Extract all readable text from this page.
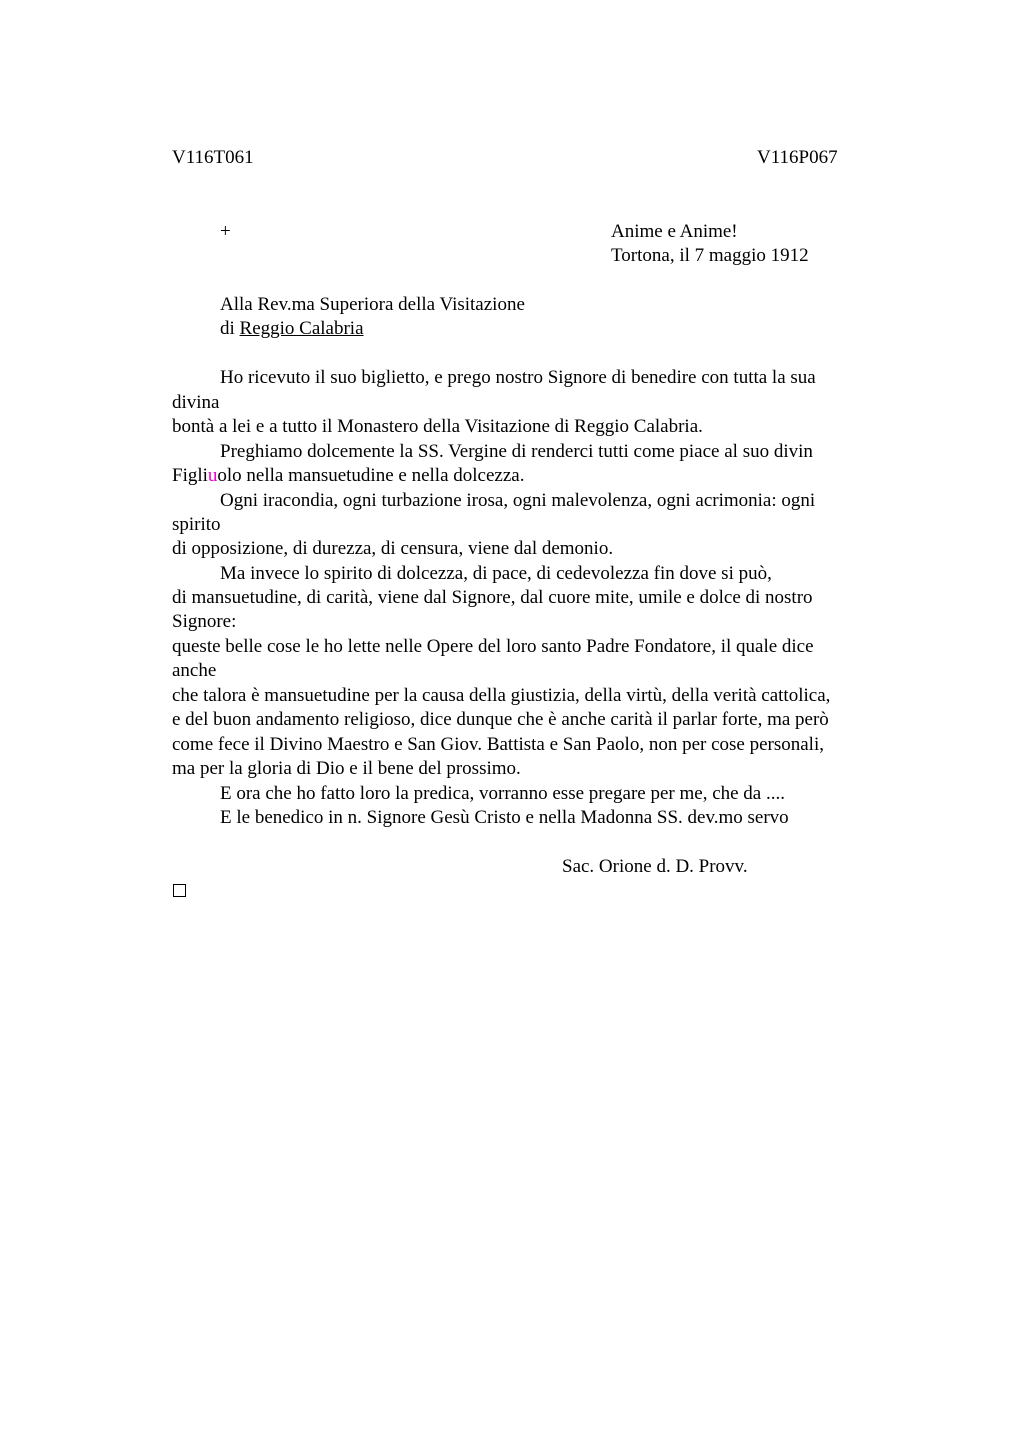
V116T061	V116P067
+	Anime e Anime!
Tortona, il 7 maggio 1912
Alla Rev.ma Superiora della Visitazione
di Reggio Calabria
Ho ricevuto il suo biglietto, e prego nostro Signore di benedire con tutta la sua
divina
bontà a lei e a tutto il Monastero della Visitazione di Reggio Calabria.
Preghiamo dolcemente la SS. Vergine di renderci tutti come piace al suo divin
Figliuolo nella mansuetudine e nella dolcezza.
Ogni iracondia, ogni turbazione irosa, ogni malevolenza, ogni acrimonia: ogni
spirito
di opposizione, di durezza, di censura, viene dal demonio.
Ma invece lo spirito di dolcezza, di pace, di cedevolezza fin dove si può,
di mansuetudine, di carità, viene dal Signore, dal cuore mite, umile e dolce di nostro
Signore:
queste belle cose le ho lette nelle Opere del loro santo Padre Fondatore, il quale dice
anche
che talora è mansuetudine per la causa della giustizia, della virtù, della verità cattolica,
e del buon andamento religioso, dice dunque che è anche carità il parlar forte, ma però
come fece il Divino Maestro e San Giov. Battista e San Paolo, non per cose personali,
ma per la gloria di Dio e il bene del prossimo.
E ora che ho fatto loro la predica, vorranno esse pregare per me, che da ....
E le benedico in n. Signore Gesù Cristo e nella Madonna SS. dev.mo servo
Sac. Orione d. D. Provv.
